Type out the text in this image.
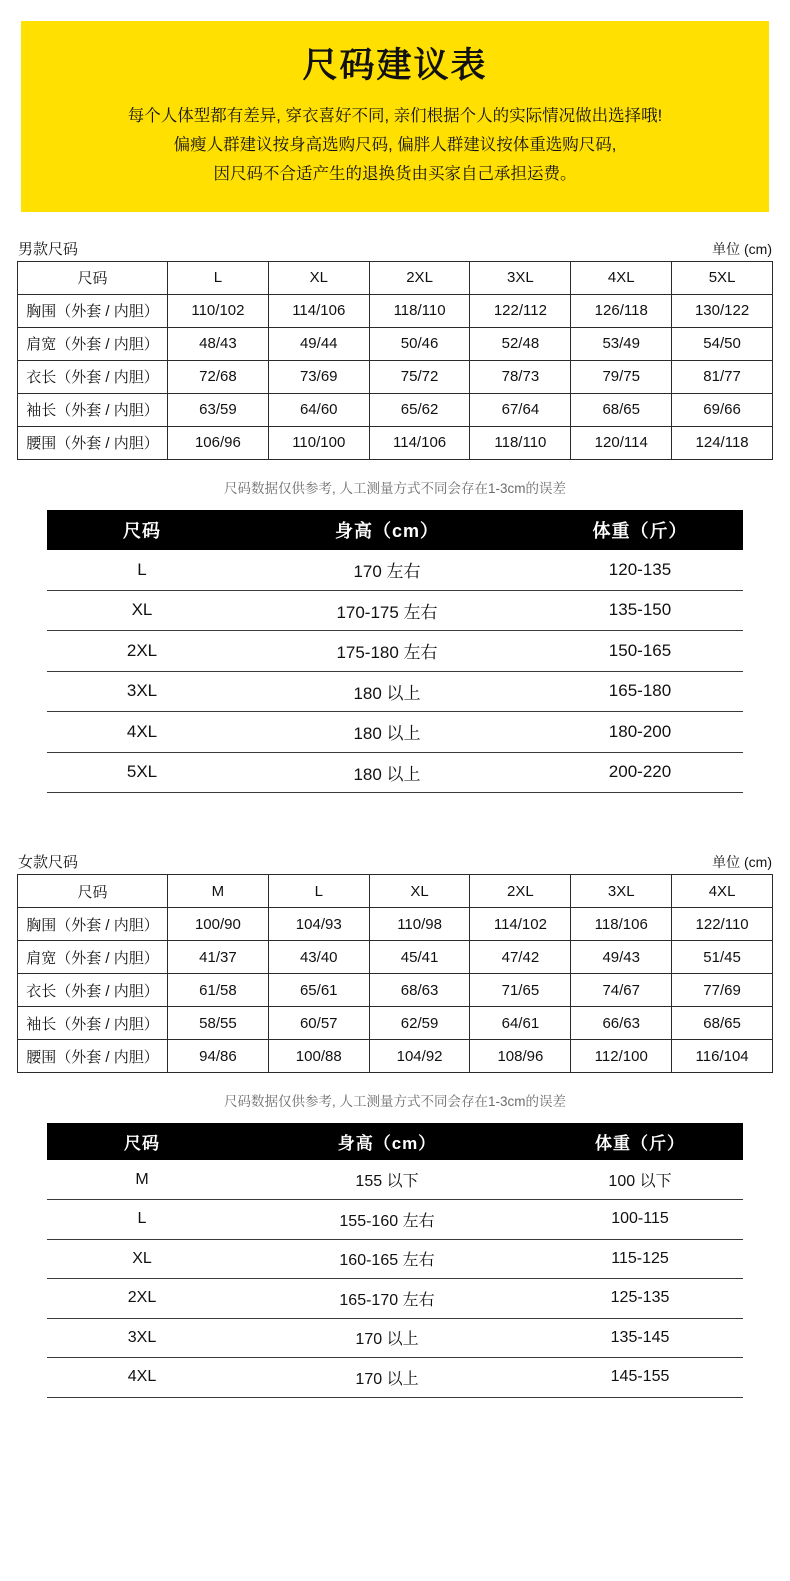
尺码建议表
每个人体型都有差异, 穿衣喜好不同, 亲们根据个人的实际情况做出选择哦!
偏瘦人群建议按身高选购尺码, 偏胖人群建议按体重选购尺码,
因尺码不合适产生的退换货由买家自己承担运费。
男款尺码	单位 (cm)
尺码	L	XL	2XL	3XL	4XL	5XL
胸围（外套 / 内胆）	110/102	114/106	118/110	122/112	126/118	130/122
肩宽（外套 / 内胆）	48/43	49/44	50/46	52/48	53/49	54/50
衣长（外套 / 内胆）	72/68	73/69	75/72	78/73	79/75	81/77
袖长（外套 / 内胆）	63/59	64/60	65/62	67/64	68/65	69/66
腰围（外套 / 内胆）	106/96	110/100	114/106	118/110	120/114	124/118
尺码数据仅供参考, 人工测量方式不同会存在1-3cm的误差
尺码	身高（cm）	体重（斤）
L	170 左右	120-135
XL	170-175 左右	135-150
2XL	175-180 左右	150-165
3XL	180 以上	165-180
4XL	180 以上	180-200
5XL	180 以上	200-220
女款尺码	单位 (cm)
尺码	M	L	XL	2XL	3XL	4XL
胸围（外套 / 内胆）	100/90	104/93	110/98	114/102	118/106	122/110
肩宽（外套 / 内胆）	41/37	43/40	45/41	47/42	49/43	51/45
衣长（外套 / 内胆）	61/58	65/61	68/63	71/65	74/67	77/69
袖长（外套 / 内胆）	58/55	60/57	62/59	64/61	66/63	68/65
腰围（外套 / 内胆）	94/86	100/88	104/92	108/96	112/100	116/104
尺码数据仅供参考, 人工测量方式不同会存在1-3cm的误差
尺码	身高（cm）	体重（斤）
M	155 以下	100 以下
L	155-160 左右	100-115
XL	160-165 左右	115-125
2XL	165-170 左右	125-135
3XL	170 以上	135-145
4XL	170 以上	145-155
